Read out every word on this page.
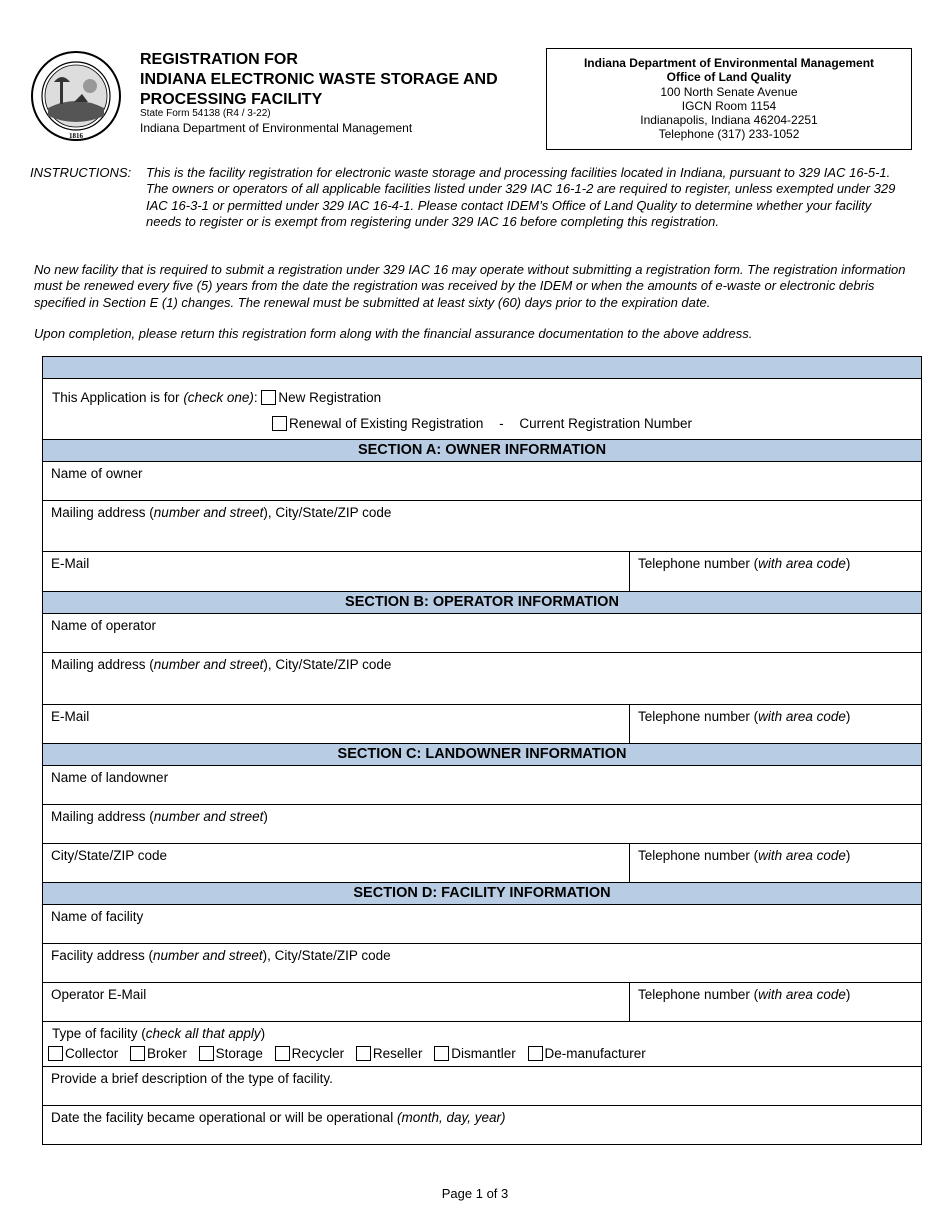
1816
REGISTRATION FOR
INDIANA ELECTRONIC WASTE STORAGE AND
PROCESSING FACILITY
State Form 54138 (R4 / 3-22)
Indiana Department of Environmental Management
Indiana Department of Environmental Management
Office of Land Quality
100 North Senate Avenue
IGCN Room 1154
Indianapolis, Indiana 46204-2251
Telephone (317) 233-1052
INSTRUCTIONS: This is the facility registration for electronic waste storage and processing facilities located in Indiana, pursuant to 329 IAC 16-5-1. The owners or operators of all applicable facilities listed under 329 IAC 16-1-2 are required to register, unless exempted under 329 IAC 16-3-1 or permitted under 329 IAC 16-4-1. Please contact IDEM’s Office of Land Quality to determine whether your facility needs to register or is exempt from registering under 329 IAC 16 before completing this registration.
No new facility that is required to submit a registration under 329 IAC 16 may operate without submitting a registration form. The registration information must be renewed every five (5) years from the date the registration was received by the IDEM or when the amounts of e-waste or electronic debris specified in Section E (1) changes. The renewal must be submitted at least sixty (60) days prior to the expiration date.
Upon completion, please return this registration form along with the financial assurance documentation to the above address.
This Application is for (check one): New Registration
Renewal of Existing Registration - Current Registration Number
SECTION A: OWNER INFORMATION
Name of owner
Mailing address (number and street), City/State/ZIP code
E-Mail	Telephone number (with area code)
SECTION B: OPERATOR INFORMATION
Name of operator
Mailing address (number and street), City/State/ZIP code
E-Mail	Telephone number (with area code)
SECTION C: LANDOWNER INFORMATION
Name of landowner
Mailing address (number and street)
City/State/ZIP code	Telephone number (with area code)
SECTION D: FACILITY INFORMATION
Name of facility
Facility address (number and street), City/State/ZIP code
Operator E-Mail	Telephone number (with area code)
Type of facility (check all that apply)
Collector Broker Storage Recycler Reseller Dismantler De-manufacturer
Provide a brief description of the type of facility.
Date the facility became operational or will be operational (month, day, year)
Page 1 of 3
